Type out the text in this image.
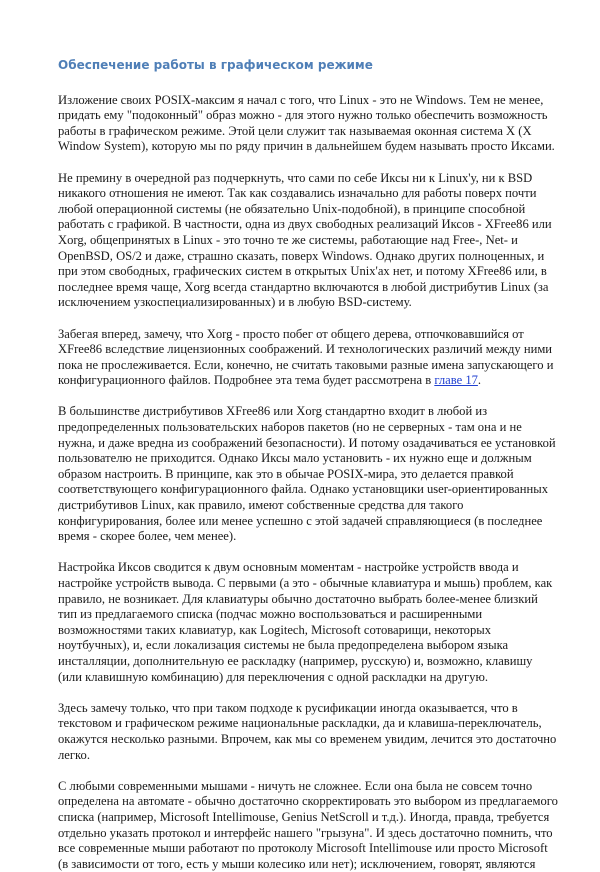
Обеспечение работы в графическом режиме

Изложение своих POSIX-максим я начал с того, что Linux - это не Windows. Тем не менее, придать ему "подоконный" образ можно - для этого нужно только обеспечить возможность работы в графическом режиме. Этой цели служит так называемая оконная система X (X Window System), которую мы по ряду причин в дальнейшем будем называть просто Иксами.

Не премину в очередной раз подчеркнуть, что сами по себе Иксы ни к Linux'у, ни к BSD никакого отношения не имеют. Так как создавались изначально для работы поверх почти любой операционной системы (не обязательно Unix-подобной), в принципе способной работать с графикой. В частности, одна из двух свободных реализаций Иксов - XFree86 или Xorg, общепринятых в Linux - это точно те же системы, работающие над Free-, Net- и OpenBSD, OS/2 и даже, страшно сказать, поверх Windows. Однако других полноценных, и при этом свободных, графических систем в открытых Unix'ах нет, и потому XFree86 или, в последнее время чаще, Xorg всегда стандартно включаются в любой дистрибутив Linux (за исключением узкоспециализированных) и в любую BSD-систему.

Забегая вперед, замечу, что Xorg - просто побег от общего дерева, отпочковавшийся от XFree86 вследствие лицензионных соображений. И технологических различий между ними пока не прослеживается. Если, конечно, не считать таковыми разные имена запускающего и конфигурационного файлов. Подробнее эта тема будет рассмотрена в главе 17.

В большинстве дистрибутивов XFree86 или Xorg стандартно входит в любой из предопределенных пользовательских наборов пакетов (но не серверных - там она и не нужна, и даже вредна из соображений безопасности). И потому озадачиваться ее установкой пользователю не приходится. Однако Иксы мало установить - их нужно еще и должным образом настроить. В принципе, как это в обычае POSIX-мира, это делается правкой соответствующего конфигурационного файла. Однако установщики user-ориентированных дистрибутивов Linux, как правило, имеют собственные средства для такого конфигурирования, более или менее успешно с этой задачей справляющиеся (в последнее время - скорее более, чем менее).

Настройка Иксов сводится к двум основным моментам - настройке устройств ввода и настройке устройств вывода. С первыми (а это - обычные клавиатура и мышь) проблем, как правило, не возникает. Для клавиатуры обычно достаточно выбрать более-менее близкий тип из предлагаемого списка (подчас можно воспользоваться и расширенными возможностями таких клавиатур, как Logitech, Microsoft сотоварищи, некоторых ноутбучных), и, если локализация системы не была предопределена выбором языка инсталляции, дополнительную ее раскладку (например, русскую) и, возможно, клавишу (или клавишную комбинацию) для переключения с одной раскладки на другую.

Здесь замечу только, что при таком подходе к русификации иногда оказывается, что в текстовом и графическом режиме национальные раскладки, да и клавиша-переключатель, окажутся несколько разными. Впрочем, как мы со временем увидим, лечится это достаточно легко.

С любыми современными мышами - ничуть не сложнее. Если она была не совсем точно определена на автомате - обычно достаточно скорректировать это выбором из предлагаемого списка (например, Microsoft Intellimouse, Genius NetScroll и т.д.). Иногда, правда, требуется отдельно указать протокол и интерфейс нашего "грызуна". И здесь достаточно помнить, что все современные мыши работают по протоколу Microsoft Intellimouse или просто Microsoft (в зависимости от того, есть у мыши колесико или нет); исключением, говорят, являются
